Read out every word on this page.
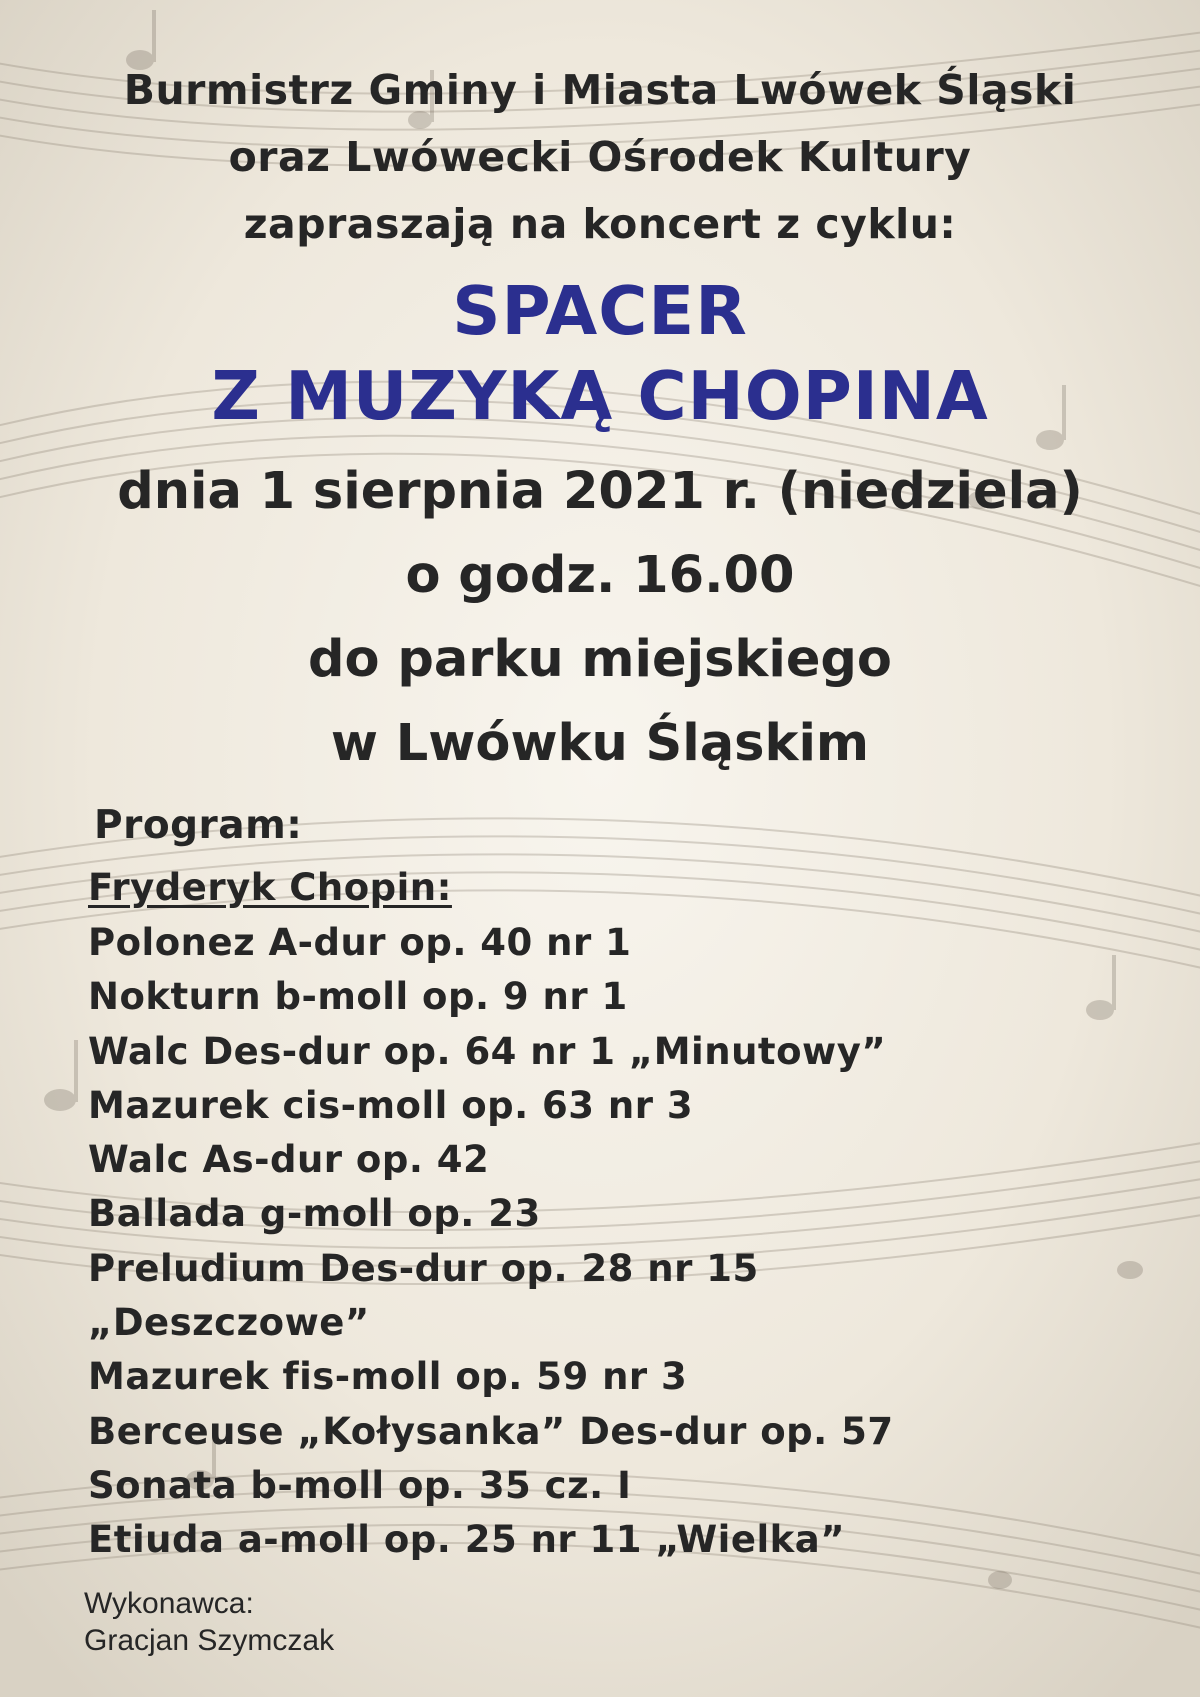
Burmistrz Gminy i Miasta Lwówek Śląski
oraz Lwówecki Ośrodek Kultury
zapraszają na koncert z cyklu:
SPACER
Z MUZYKĄ CHOPINA
dnia 1 sierpnia 2021 r. (niedziela)
o godz. 16.00
do parku miejskiego
w Lwówku Śląskim
Program:
Fryderyk Chopin:
Polonez A-dur op. 40 nr 1
Nokturn b-moll op. 9 nr 1
Walc Des-dur op. 64 nr 1 „Minutowy”
Mazurek cis-moll op. 63 nr 3
Walc As-dur op. 42
Ballada g-moll op. 23
Preludium Des-dur op. 28 nr 15
„Deszczowe”
Mazurek fis-moll op. 59 nr 3
Berceuse „Kołysanka” Des-dur op. 57
Sonata b-moll op. 35 cz. I
Etiuda a-moll op. 25 nr 11 „Wielka”
Wykonawca:
Gracjan Szymczak
